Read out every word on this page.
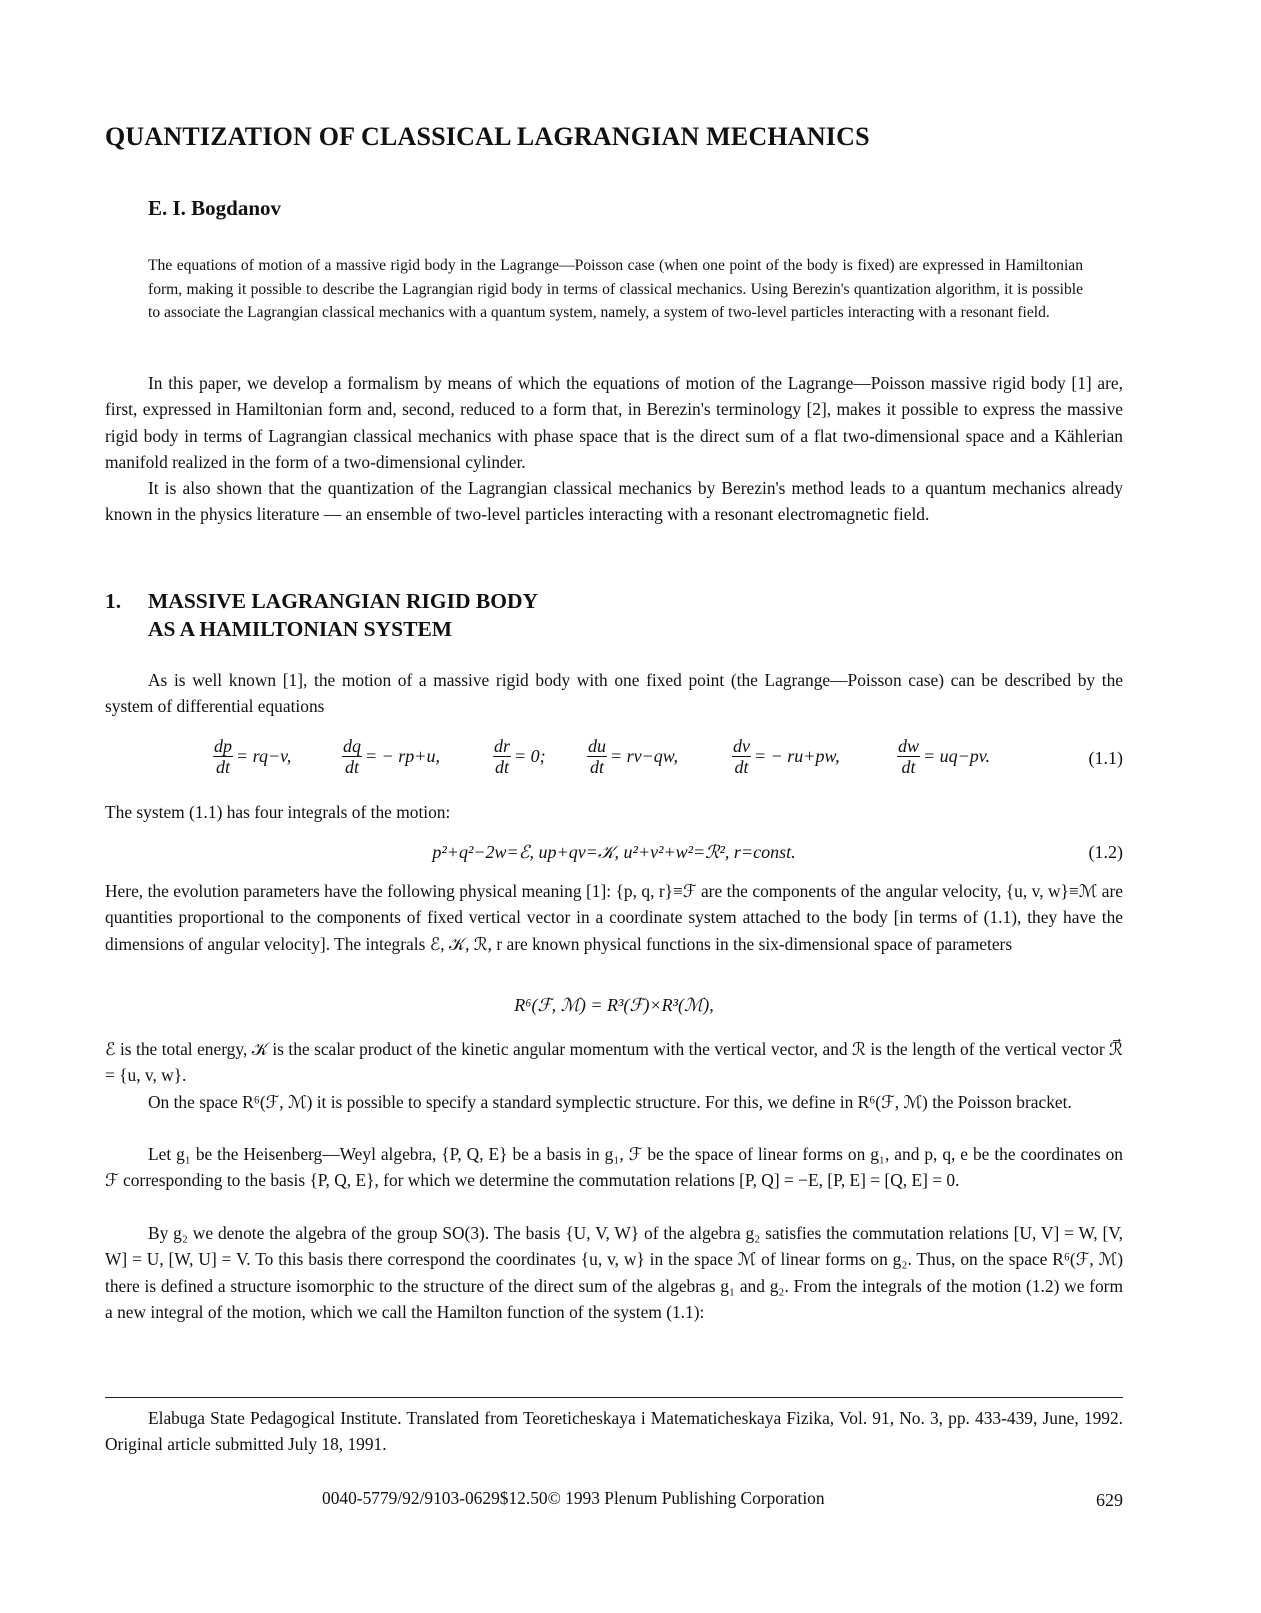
QUANTIZATION OF CLASSICAL LAGRANGIAN MECHANICS
E. I. Bogdanov

The equations of motion of a massive rigid body in the Lagrange—Poisson case (when one point of the body is fixed) are expressed in Hamiltonian form, making it possible to describe the Lagrangian rigid body in terms of classical mechanics. Using Berezin's quantization algorithm, it is possible to associate the Lagrangian classical mechanics with a quantum system, namely, a system of two-level particles interacting with a resonant field.

In this paper, we develop a formalism by means of which the equations of motion of the Lagrange—Poisson massive rigid body [1] are, first, expressed in Hamiltonian form and, second, reduced to a form that, in Berezin's terminology [2], makes it possible to express the massive rigid body in terms of Lagrangian classical mechanics with phase space that is the direct sum of a flat two-dimensional space and a Kählerian manifold realized in the form of a two-dimensional cylinder.

It is also shown that the quantization of the Lagrangian classical mechanics by Berezin's method leads to a quantum mechanics already known in the physics literature — an ensemble of two-level particles interacting with a resonant electromagnetic field.

1. MASSIVE LAGRANGIAN RIGID BODY
AS A HAMILTONIAN SYSTEM

As is well known [1], the motion of a massive rigid body with one fixed point (the Lagrange—Poisson case) can be described by the system of differential equations

$\frac{dp}{dt} = rq-v$,	$\frac{dq}{dt}$ = − rp+u,	$\frac{dr}{dt} = 0$; $\frac{du}{dt} = rv-qw$,	$\frac{dv}{dt}$ = − ru+pw,	$\frac{dw}{dt} = uq-pv$.	(1.1)

The system (1.1) has four integrals of the motion:

p²+q²−2w=ℰ, up+qv=𝒦, u²+v²+w²=ℛ², r=const.	(1.2)

Here, the evolution parameters have the following physical meaning [1]: {p, q, r}≡ℱ are the components of the angular velocity, {u, v, w}≡ℳ are quantities proportional to the components of fixed vertical vector in a coordinate system attached to the body [in terms of (1.1), they have the dimensions of angular velocity]. The integrals ℰ, 𝒦, ℛ, r are known physical functions in the six-dimensional space of parameters

R⁶(ℱ, ℳ) = R³(ℱ)×R³(ℳ),

ℰ is the total energy, 𝒦 is the scalar product of the kinetic angular momentum with the vertical vector, and ℛ is the length of the vertical vector ℛ⃗ = {u, v, w}.

On the space R⁶(ℱ, ℳ) it is possible to specify a standard symplectic structure. For this, we define in R⁶(ℱ, ℳ) the Poisson bracket.

Let g₁ be the Heisenberg—Weyl algebra, {P, Q, E} be a basis in g₁, ℱ be the space of linear forms on g₁, and p, q, e be the coordinates on ℱ corresponding to the basis {P, Q, E}, for which we determine the commutation relations [P, Q] = −E, [P, E] = [Q, E] = 0.

By g₂ we denote the algebra of the group SO(3). The basis {U, V, W} of the algebra g₂ satisfies the commutation relations [U, V] = W, [V, W] = U, [W, U] = V. To this basis there correspond the coordinates {u, v, w} in the space ℳ of linear forms on g₂. Thus, on the space R⁶(ℱ, ℳ) there is defined a structure isomorphic to the structure of the direct sum of the algebras g₁ and g₂. From the integrals of the motion (1.2) we form a new integral of the motion, which we call the Hamilton function of the system (1.1):

Elabuga State Pedagogical Institute. Translated from Teoreticheskaya i Matematicheskaya Fizika, Vol. 91, No. 3, pp. 433-439, June, 1992. Original article submitted July 18, 1991.
0040-5779/92/9103-0629$12.50© 1993 Plenum Publishing Corporation	629
